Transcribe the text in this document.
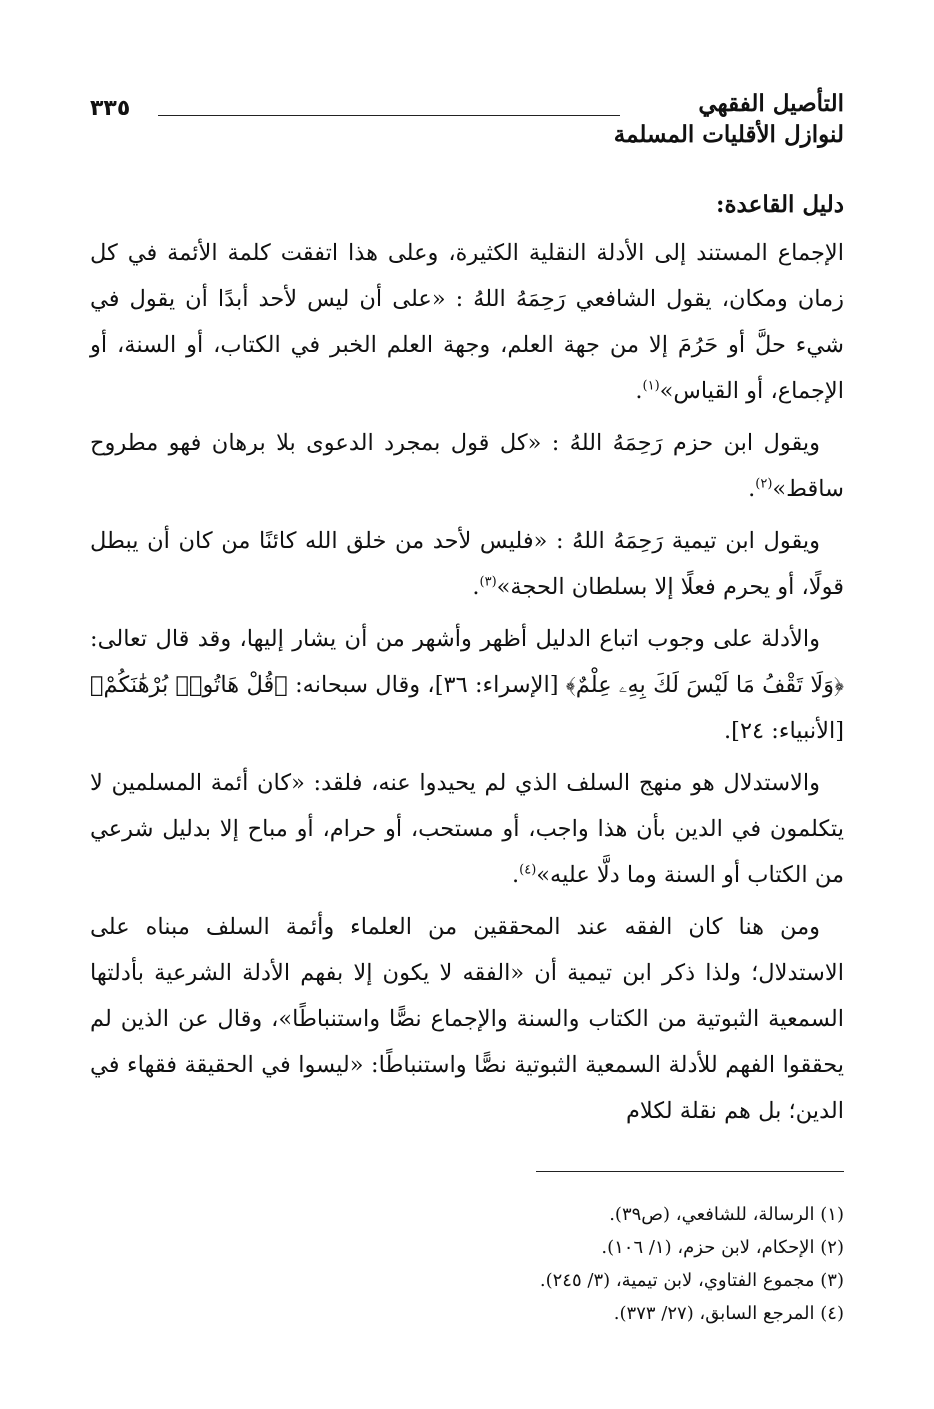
التأصيل الفقهي
لنوازل الأقليات المسلمة
٣٣٥
دليل القاعدة:

الإجماع المستند إلى الأدلة النقلية الكثيرة، وعلى هذا اتفقت كلمة الأئمة في كل زمان ومكان، يقول الشافعي رَحِمَهُ اللهُ : «على أن ليس لأحد أبدًا أن يقول في شيء حلَّ أو حَرُمَ إلا من جهة العلم، وجهة العلم الخبر في الكتاب، أو السنة، أو الإجماع، أو القياس»$^{(١)}$.

ويقول ابن حزم رَحِمَهُ اللهُ : «كل قول بمجرد الدعوى بلا برهان فهو مطروح ساقط»$^{(٢)}$.

ويقول ابن تيمية رَحِمَهُ اللهُ : «فليس لأحد من خلق الله كائنًا من كان أن يبطل قولًا، أو يحرم فعلًا إلا بسلطان الحجة»$^{(٣)}$.

والأدلة على وجوب اتباع الدليل أظهر وأشهر من أن يشار إليها، وقد قال تعالى: ﴿وَلَا تَقْفُ مَا لَيْسَ لَكَ بِهِۦ عِلْمٌ﴾ [الإسراء: ٣٦]، وقال سبحانه: ﴿قُلْ هَاتُوا۟ بُرْهَٰنَكُمْ﴾[الأنبياء: ٢٤].

والاستدلال هو منهج السلف الذي لم يحيدوا عنه، فلقد: «كان أئمة المسلمين لا يتكلمون في الدين بأن هذا واجب، أو مستحب، أو حرام، أو مباح إلا بدليل شرعي من الكتاب أو السنة وما دلَّا عليه»$^{(٤)}$.

ومن هنا كان الفقه عند المحققين من العلماء وأئمة السلف مبناه على الاستدلال؛ ولذا ذكر ابن تيمية أن «الفقه لا يكون إلا بفهم الأدلة الشرعية بأدلتها السمعية الثبوتية من الكتاب والسنة والإجماع نصًّا واستنباطًا»، وقال عن الذين لم يحققوا الفهم للأدلة السمعية الثبوتية نصًّا واستنباطًا: «ليسوا في الحقيقة فقهاء في الدين؛ بل هم نقلة لكلام

(١) الرسالة، للشافعي، (ص٣٩).

(٢) الإحكام، لابن حزم، (١/ ١٠٦).

(٣) مجموع الفتاوي، لابن تيمية، (٣/ ٢٤٥).

(٤) المرجع السابق، (٢٧/ ٣٧٣).
